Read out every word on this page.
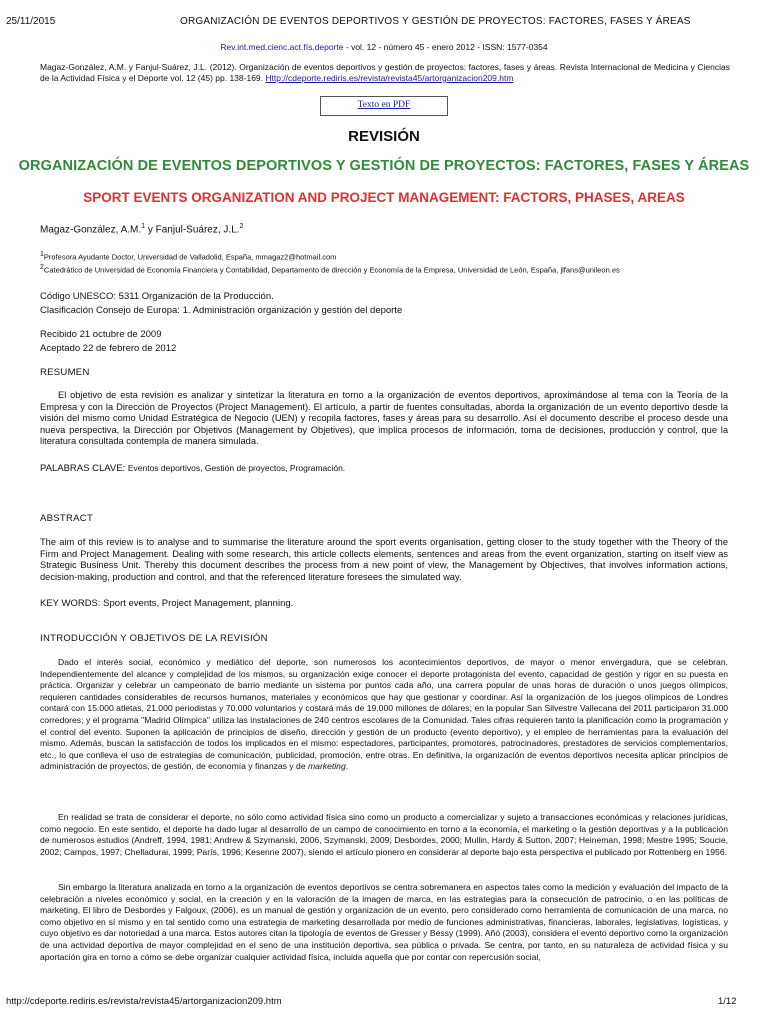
25/11/2015	ORGANIZACIÓN DE EVENTOS DEPORTIVOS Y GESTIÓN DE PROYECTOS: FACTORES, FASES Y ÁREAS
Rev.int.med.cienc.act.fís.deporte - vol. 12 - número 45 - enero 2012 - ISSN: 1577-0354
Magaz-González, A.M. y Fanjul-Suárez, J.L. (2012). Organización de eventos deportivos y gestión de proyectos: factores, fases y áreas. Revista Internacional de Medicina y Ciencias de la Actividad Física y el Deporte vol. 12 (45) pp. 138-169. Http://cdeporte.rediris.es/revista/revista45/artorganizacion209.htm
Texto en PDF
REVISIÓN
ORGANIZACIÓN DE EVENTOS DEPORTIVOS Y GESTIÓN DE PROYECTOS: FACTORES, FASES Y ÁREAS
SPORT EVENTS ORGANIZATION AND PROJECT MANAGEMENT: FACTORS, PHASES, AREAS
Magaz-González, A.M.$^1$ y Fanjul-Suárez, J.L.$^2$
$^1$Profesora Ayudante Doctor, Universidad de Valladolid, España, mmagaz2@hotmail.com
$^2$Catedrático de Universidad de Economía Financiera y Contabilidad, Departamento de dirección y Economía de la Empresa, Universidad de León, España, jlfans@unileon.es
Código UNESCO: 5311 Organización de la Producción.
Clasificación Consejo de Europa: 1. Administración organización y gestión del deporte
Recibido 21 octubre de 2009
Aceptado 22 de febrero de 2012
RESUMEN
El objetivo de esta revisión es analizar y sintetizar la literatura en torno a la organización de eventos deportivos, aproximándose al tema con la Teoría de la Empresa y con la Dirección de Proyectos (Project Management). El artículo, a partir de fuentes consultadas, aborda la organización de un evento deportivo desde la visión del mismo como Unidad Estratégica de Negocio (UEN) y recopila factores, fases y áreas para su desarrollo. Así el documento describe el proceso desde una nueva perspectiva, la Dirección por Objetivos (Management by Objetives), que implica procesos de información, toma de decisiones, producción y control, que la literatura consultada contempla de manera simulada.
PALABRAS CLAVE: Eventos deportivos, Gestión de proyectos, Programación.
ABSTRACT
The aim of this review is to analyse and to summarise the literature around the sport events organisation, getting closer to the study together with the Theory of the Firm and Project Management. Dealing with some research, this article collects elements, sentences and areas from the event organization, starting on itself view as Strategic Business Unit. Thereby this document describes the process from a new point of view, the Management by Objectives, that involves information actions, decision-making, production and control, and that the referenced literature foresees the simulated way.
KEY WORDS: Sport events, Project Management, planning.
INTRODUCCIÓN Y OBJETIVOS DE LA REVISIÓN
Dado el interés social, económico y mediático del deporte, son numerosos los acontecimientos deportivos, de mayor o menor envergadura, que se celebran. Independientemente del alcance y complejidad de los mismos, su organización exige conocer el deporte protagonista del evento, capacidad de gestión y rigor en su puesta en práctica. Organizar y celebrar un campeonato de barrio mediante un sistema por puntos cada año, una carrera popular de unas horas de duración o unos juegos olímpicos, requieren cantidades considerables de recursos humanos, materiales y económicos que hay que gestionar y coordinar. Así la organización de los juegos olímpicos de Londres contará con 15.000 atletas, 21.000 periodistas y 70.000 voluntarios y costará más de 19.000 millones de dólares; en la popular San Silvestre Vallecana del 2011 participaron 31.000 corredores; y el programa "Madrid Olímpica" utiliza las instalaciones de 240 centros escolares de la Comunidad. Tales cifras requieren tanto la planificación como la programación y el control del evento. Suponen la aplicación de principios de diseño, dirección y gestión de un producto (evento deportivo), y el empleo de herramientas para la evaluación del mismo. Además, buscan la satisfacción de todos los implicados en el mismo: espectadores, participantes, promotores, patrocinadores, prestadores de servicios complementarios, etc., lo que conlleva el uso de estrategias de comunicación, publicidad, promoción, entre otras. En definitiva, la organización de eventos deportivos necesita aplicar principios de administración de proyectos, de gestión, de economía y finanzas y de marketing.
En realidad se trata de considerar el deporte, no sólo como actividad física sino como un producto a comercializar y sujeto a transacciones económicas y relaciones jurídicas, como negocio. En este sentido, el deporte ha dado lugar al desarrollo de un campo de conocimiento en torno a la economía, el marketing o la gestión deportivas y a la publicación de numerosos estudios (Andreff, 1994, 1981; Andrew & Szymanski, 2006, Szymanski, 2009; Desbordes, 2000; Mullin, Hardy & Sutton, 2007; Heineman, 1998; Mestre 1995; Soucie, 2002; Campos, 1997; Chelladurai, 1999; París, 1996; Kesenne 2007), siendo el artículo pionero en considerar al deporte bajo esta perspectiva el publicado por Rottenberg en 1956.
Sin embargo la literatura analizada en torno a la organización de eventos deportivos se centra sobremanera en aspectos tales como la medición y evaluación del impacto de la celebración a niveles económico y social, en la creación y en la valoración de la imagen de marca, en las estrategias para la consecución de patrocinio, o en las políticas de marketing, El libro de Desbordes y Falgoux, (2006), es un manual de gestión y organización de un evento, pero considerado como herramienta de comunicación de una marca, no como objetivo en sí mismo y en tal sentido como una estrategia de marketing desarrollada por medio de funciones administrativas, financieras, laborales, legislativas, logísticas, y cuyo objetivo es dar notoriedad a una marca. Estos autores citan la tipología de eventos de Gresser y Bessy (1999). Añó (2003), considera el evento deportivo como la organización de una actividad deportiva de mayor complejidad en el seno de una institución deportiva, sea pública o privada. Se centra, por tanto, en su naturaleza de actividad física y su aportación gira en torno a cómo se debe organizar cualquier actividad física, incluida aquella que por contar con repercusión social,
http://cdeporte.rediris.es/revista/revista45/artorganizacion209.htm	1/12
